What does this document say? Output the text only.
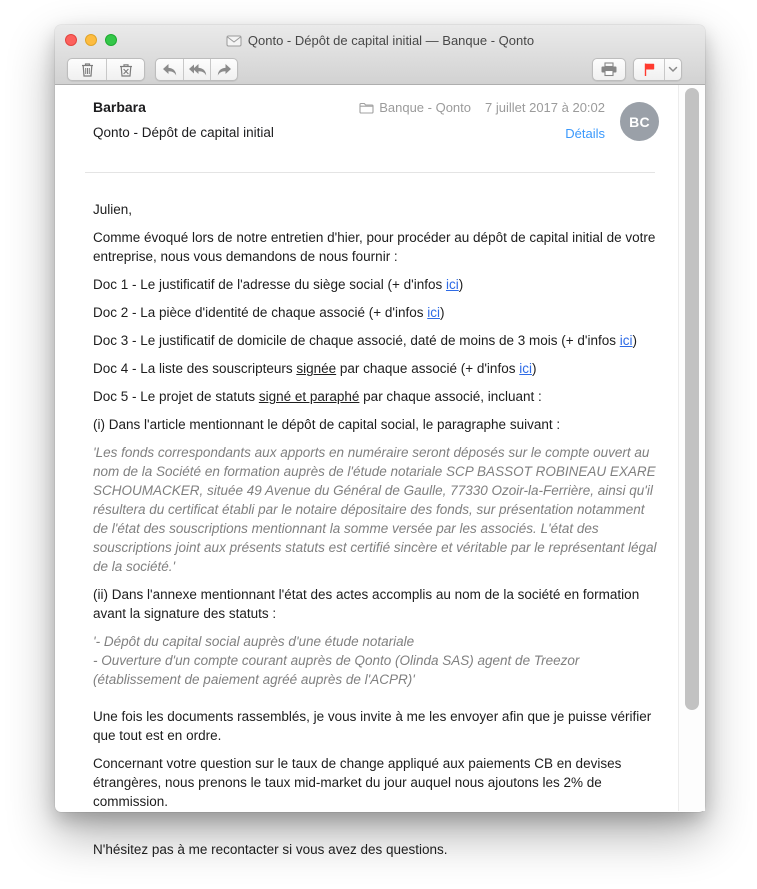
Qonto - Dépôt de capital initial — Banque - Qonto
Barbara
Qonto - Dépôt de capital initial
Banque - Qonto 7 juillet 2017 à 20:02
Détails
BC

Julien,

Comme évoqué lors de notre entretien d'hier, pour procéder au dépôt de capital initial de votre entreprise, nous vous demandons de nous fournir :

Doc 1 - Le justificatif de l'adresse du siège social (+ d'infos ici)

Doc 2 - La pièce d'identité de chaque associé (+ d'infos ici)

Doc 3 - Le justificatif de domicile de chaque associé, daté de moins de 3 mois (+ d'infos ici)

Doc 4 - La liste des souscripteurs signée par chaque associé (+ d'infos ici)

Doc 5 - Le projet de statuts signé et paraphé par chaque associé, incluant :

(i) Dans l'article mentionnant le dépôt de capital social, le paragraphe suivant :

'Les fonds correspondants aux apports en numéraire seront déposés sur le compte ouvert au nom de la Société en formation auprès de l'étude notariale SCP BASSOT ROBINEAU EXARE SCHOUMACKER, située 49 Avenue du Général de Gaulle, 77330 Ozoir-la-Ferrière, ainsi qu'il résultera du certificat établi par le notaire dépositaire des fonds, sur présentation notamment de l'état des souscriptions mentionnant la somme versée par les associés. L'état des souscriptions joint aux présents statuts est certifié sincère et véritable par le représentant légal de la société.'

(ii) Dans l'annexe mentionnant l'état des actes accomplis au nom de la société en formation avant la signature des statuts :

'- Dépôt du capital social auprès d'une étude notariale
- Ouverture d'un compte courant auprès de Qonto (Olinda SAS) agent de Treezor (établissement de paiement agréé auprès de l'ACPR)'

Une fois les documents rassemblés, je vous invite à me les envoyer afin que je puisse vérifier que tout est en ordre.

Concernant votre question sur le taux de change appliqué aux paiements CB en devises étrangères, nous prenons le taux mid-market du jour auquel nous ajoutons les 2% de commission.

N'hésitez pas à me recontacter si vous avez des questions.
